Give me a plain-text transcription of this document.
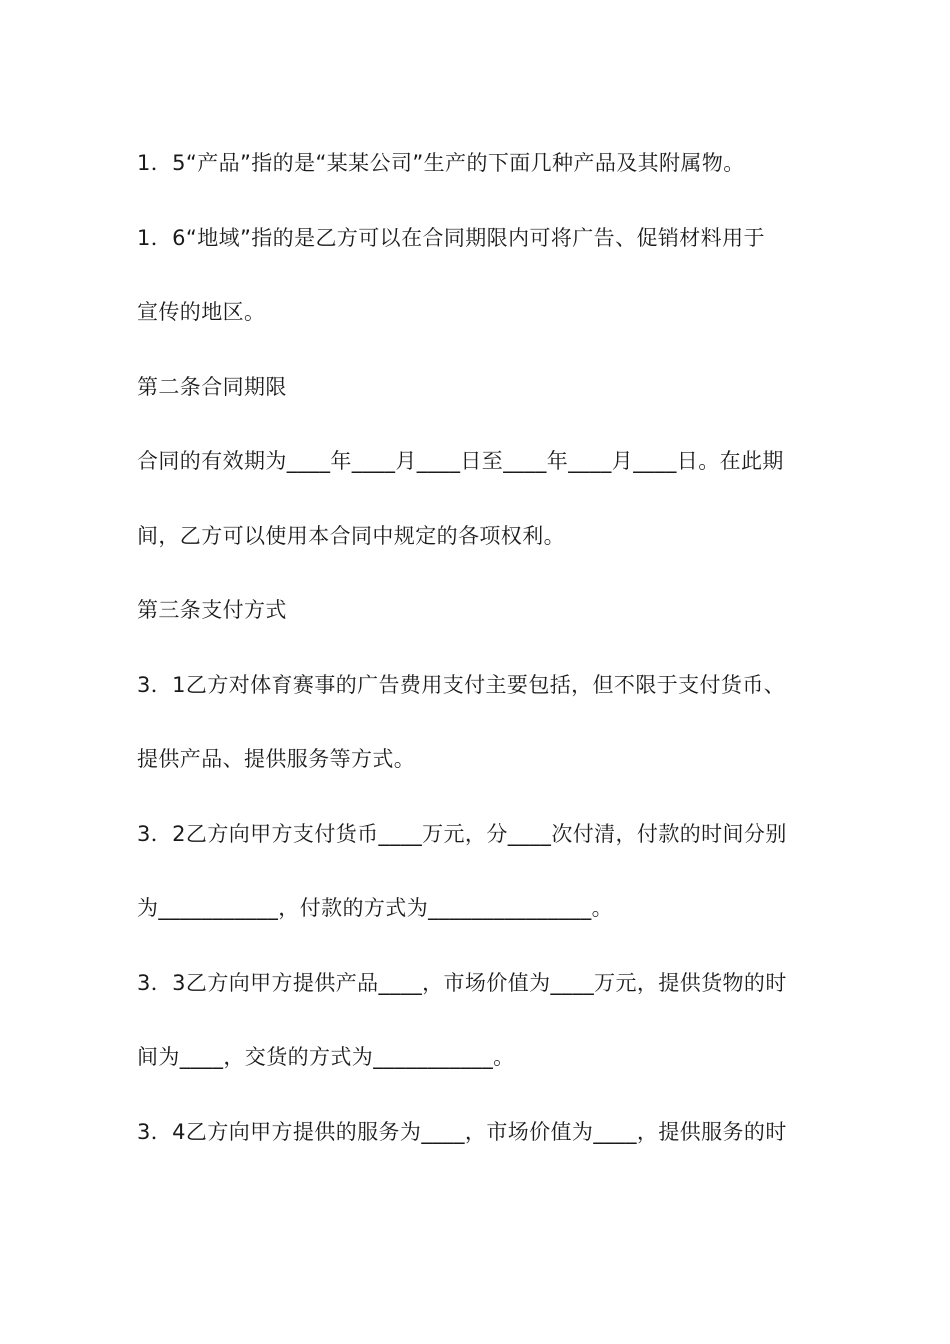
1．5“产品”指的是“某某公司”生产的下面几种产品及其附属物。
1．6“地域”指的是乙方可以在合同期限内可将广告、促销材料用于
宣传的地区。
第二条合同期限
合同的有效期为____年____月____日至____年____月____日。在此期
间，乙方可以使用本合同中规定的各项权利。
第三条支付方式
3．1乙方对体育赛事的广告费用支付主要包括，但不限于支付货币、
提供产品、提供服务等方式。
3．2乙方向甲方支付货币____万元，分____次付清，付款的时间分别
为___________，付款的方式为_______________。
3．3乙方向甲方提供产品____，市场价值为____万元，提供货物的时
间为____，交货的方式为___________。
3．4乙方向甲方提供的服务为____，市场价值为____，提供服务的时
